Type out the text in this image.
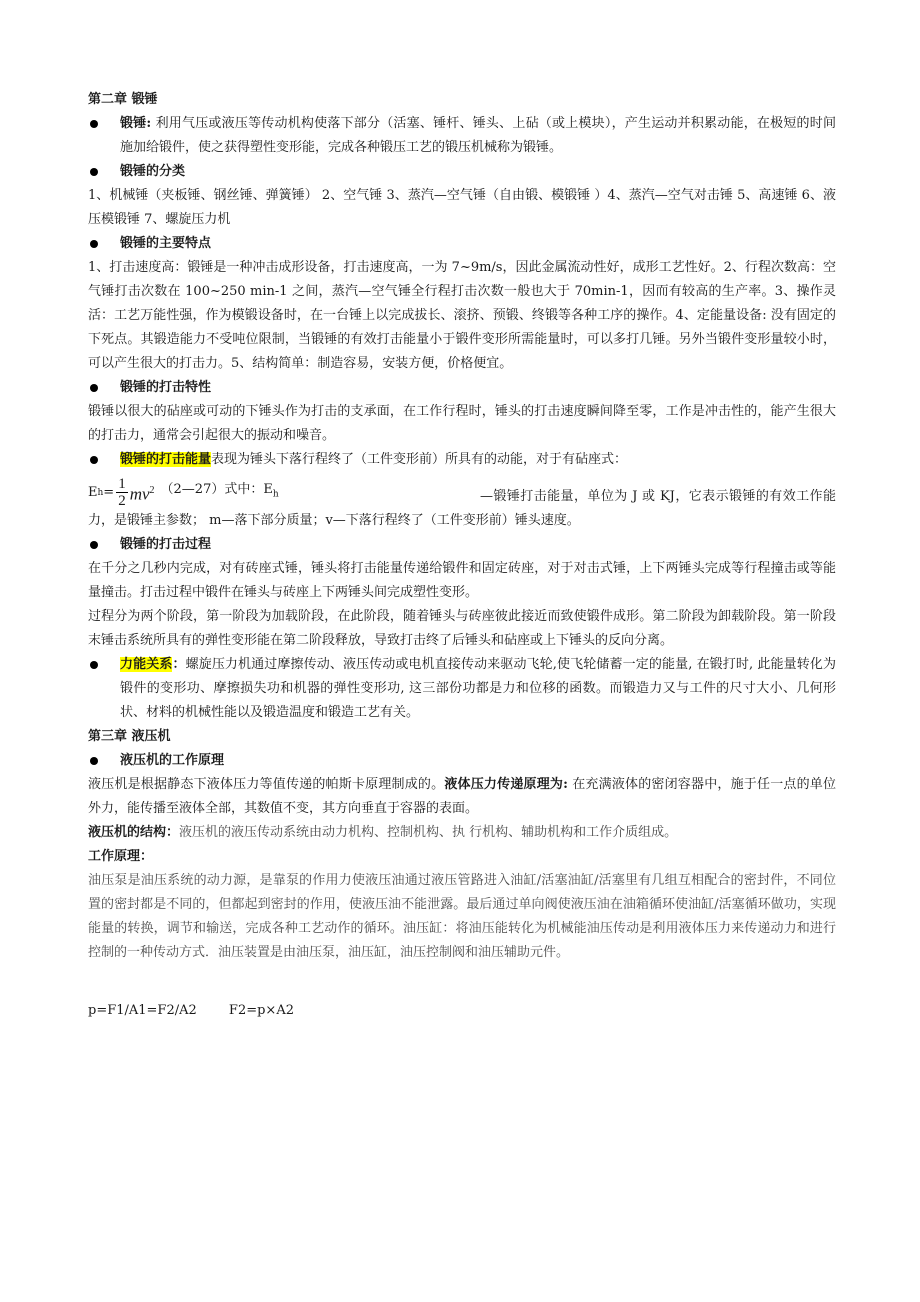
第二章 锻锤

锻锤: 利用气压或液压等传动机构使落下部分（活塞、锤杆、锤头、上砧（或上模块），产生运动并积累动能，在极短的时间施加给锻件，使之获得塑性变形能，完成各种锻压工艺的锻压机械称为锻锤。

锻锤的分类

1、机械锤（夹板锤、钢丝锤、弹簧锤） 2、空气锤 3、蒸汽—空气锤（自由锻、模锻锤 ）4、蒸汽—空气对击锤 5、高速锤 6、液压模锻锤 7、螺旋压力机

锻锤的主要特点

1、打击速度高：锻锤是一种冲击成形设备，打击速度高，一为 7~9m/s，因此金属流动性好，成形工艺性好。2、行程次数高：空气锤打击次数在 100~250 min-1 之间，蒸汽—空气锤全行程打击次数一般也大于 70min-1，因而有较高的生产率。3、操作灵活：工艺万能性强，作为模锻设备时，在一台锤上以完成拔长、滚挤、预锻、终锻等各种工序的操作。4、定能量设备: 没有固定的下死点。其锻造能力不受吨位限制，当锻锤的有效打击能量小于锻件变形所需能量时，可以多打几锤。另外当锻件变形量较小时，可以产生很大的打击力。5、结构简单：制造容易，安装方便，价格便宜。

锻锤的打击特性

锻锤以很大的砧座或可动的下锤头作为打击的支承面，在工作行程时，锤头的打击速度瞬间降至零，工作是冲击性的，能产生很大的打击力，通常会引起很大的振动和噪音。

锻锤的打击能量表现为锤头下落行程终了（工件变形前）所具有的动能，对于有砧座式：

E $h = \frac{1}{2} mv^2$ （2—27）式中：$E_h$	—锻锤打击能量，单位为 J 或 KJ，它表示锻锤的有效工作能力，是锻锤主参数； m—落下部分质量；v—下落行程终了（工件变形前）锤头速度。

锻锤的打击过程

在千分之几秒内完成，对有砖座式锤，锤头将打击能量传递给锻件和固定砖座，对于对击式锤，上下两锤头完成等行程撞击或等能量撞击。打击过程中锻件在锤头与砖座上下两锤头间完成塑性变形。

过程分为两个阶段，第一阶段为加载阶段，在此阶段，随着锤头与砖座彼此接近而致使锻件成形。第二阶段为卸载阶段。第一阶段末锤击系统所具有的弹性变形能在第二阶段释放，导致打击终了后锤头和砧座或上下锤头的反向分离。

力能关系：螺旋压力机通过摩擦传动、液压传动或电机直接传动来驱动飞轮,使飞轮储蓄一定的能量, 在锻打时, 此能量转化为锻件的变形功、摩擦损失功和机器的弹性变形功, 这三部份功都是力和位移的函数。而锻造力又与工件的尺寸大小、几何形状、材料的机械性能以及锻造温度和锻造工艺有关。

第三章 液压机

液压机的工作原理

液压机是根据静态下液体压力等值传递的帕斯卡原理制成的。液体压力传递原理为: 在充满液体的密闭容器中，施于任一点的单位外力，能传播至液体全部，其数值不变，其方向垂直于容器的表面。

液压机的结构：液压机的液压传动系统由动力机构、控制机构、执 行机构、辅助机构和工作介质组成。

工作原理：

油压泵是油压系统的动力源，是靠泵的作用力使液压油通过液压管路进入油缸/活塞油缸/活塞里有几组互相配合的密封件，不同位置的密封都是不同的，但都起到密封的作用，使液压油不能泄露。最后通过单向阀使液压油在油箱循环使油缸/活塞循环做功，实现能量的转换，调节和输送，完成各种工艺动作的循环。油压缸：将油压能转化为机械能油压传动是利用液体压力来传递动力和进行控制的一种传动方式．油压装置是由油压泵，油压缸，油压控制阀和油压辅助元件。

p=F1/A1=F2/A2 F2=p×A2
